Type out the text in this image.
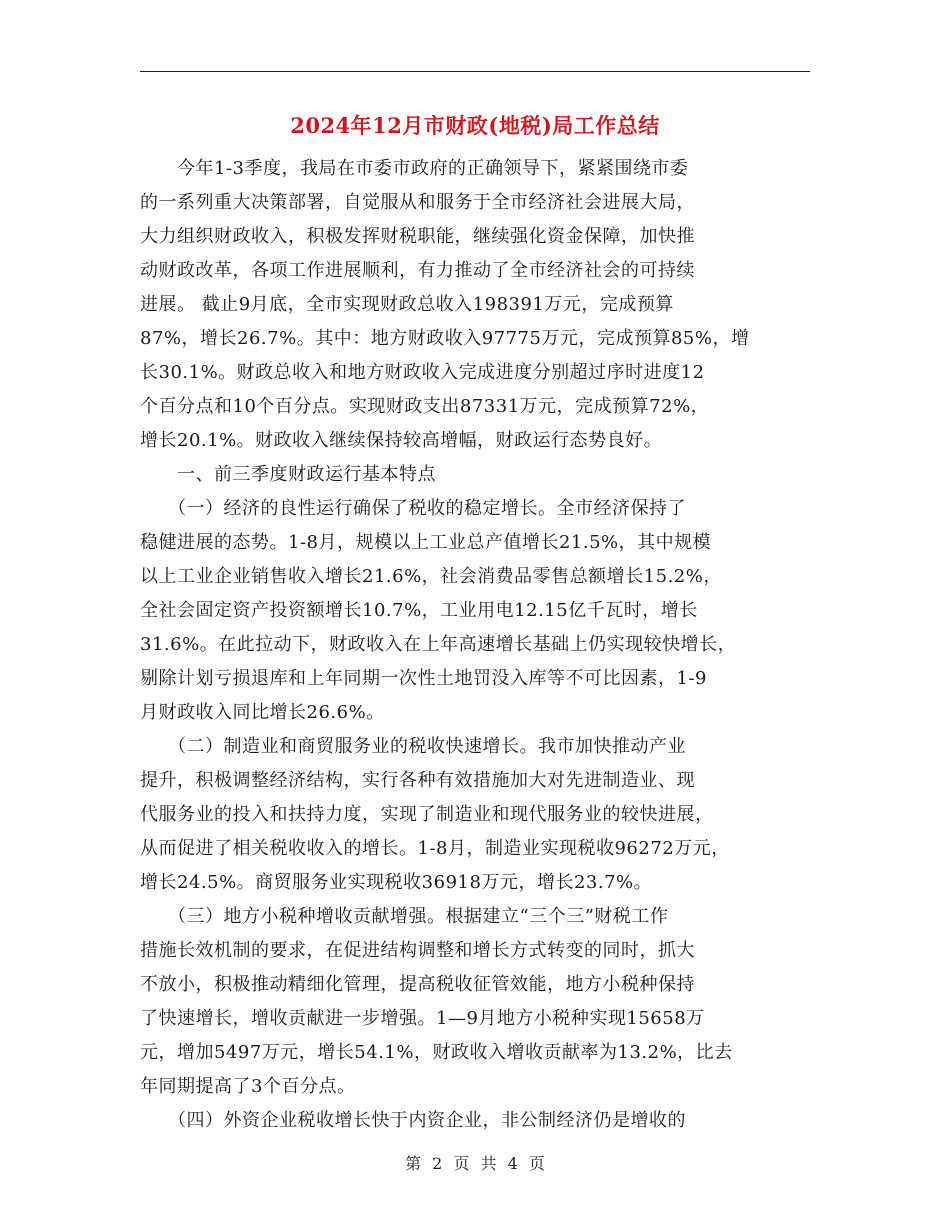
2024年12月市财政(地税)局工作总结
　　今年1-3季度，我局在市委市政府的正确领导下，紧紧围绕市委
的一系列重大决策部署，自觉服从和服务于全市经济社会进展大局，
大力组织财政收入，积极发挥财税职能，继续强化资金保障，加快推
动财政改革，各项工作进展顺利，有力推动了全市经济社会的可持续
进展。 截止9月底，全市实现财政总收入198391万元，完成预算
87%，增长26.7%。其中：地方财政收入97775万元，完成预算85%，增
长30.1%。财政总收入和地方财政收入完成进度分别超过序时进度12
个百分点和10个百分点。实现财政支出87331万元，完成预算72%，
增长20.1%。财政收入继续保持较高增幅，财政运行态势良好。
　　一、前三季度财政运行基本特点
　　（一）经济的良性运行确保了税收的稳定增长。全市经济保持了
稳健进展的态势。1-8月，规模以上工业总产值增长21.5%，其中规模
以上工业企业销售收入增长21.6%，社会消费品零售总额增长15.2%，
全社会固定资产投资额增长10.7%，工业用电12.15亿千瓦时，增长
31.6%。在此拉动下，财政收入在上年高速增长基础上仍实现较快增长，
剔除计划亏损退库和上年同期一次性土地罚没入库等不可比因素，1-9
月财政收入同比增长26.6%。
　　（二）制造业和商贸服务业的税收快速增长。我市加快推动产业
提升，积极调整经济结构，实行各种有效措施加大对先进制造业、现
代服务业的投入和扶持力度，实现了制造业和现代服务业的较快进展，
从而促进了相关税收收入的增长。1-8月，制造业实现税收96272万元，
增长24.5%。商贸服务业实现税收36918万元，增长23.7%。
　　（三）地方小税种增收贡献增强。根据建立“三个三”财税工作
措施长效机制的要求，在促进结构调整和增长方式转变的同时，抓大
不放小，积极推动精细化管理，提高税收征管效能，地方小税种保持
了快速增长，增收贡献进一步增强。1—9月地方小税种实现15658万
元，增加5497万元，增长54.1%，财政收入增收贡献率为13.2%，比去
年同期提高了3个百分点。
　　（四）外资企业税收增长快于内资企业，非公制经济仍是增收的
第 2 页 共 4 页
